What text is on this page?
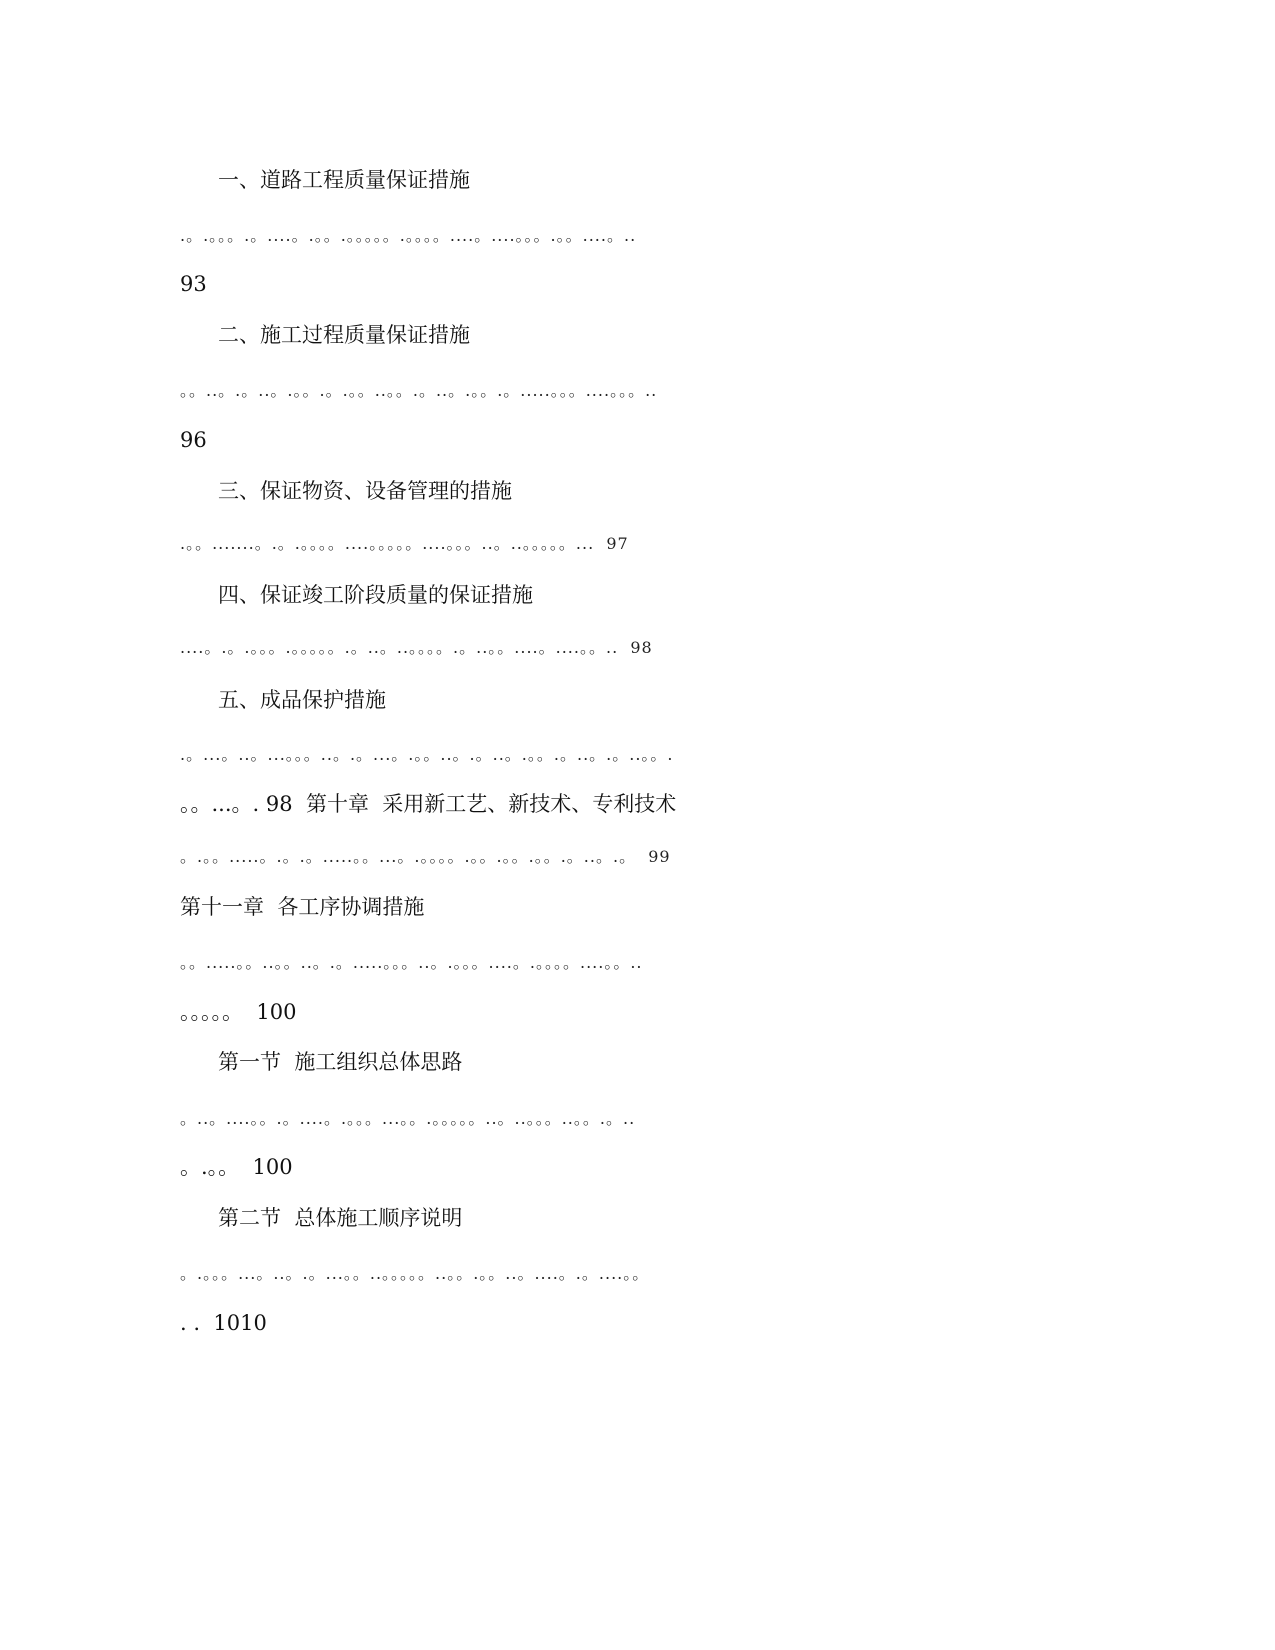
一、道路工程质量保证措施
.。.。。。.。....。.。。.。。。。。.。。。。....。....。。。.。。....。..
93
二、施工过程质量保证措施
。。..。.。..。.。。.。.。。..。。.。..。.。。.。.....。。。....。。。..
96
三、保证物资、设备管理的措施
.。。.......。.。.。。。。....。。。。。....。。。..。..。。。。。...  97
四、保证竣工阶段质量的保证措施
....。.。.。。。.。。。。。.。..。..。。。。.。..。。....。....。。..  98
五、成品保护措施
.。...。..。...。。。..。.。...。.。。..。.。..。.。。.。..。.。..。。.
。。...。. 98  第十章  采用新工艺、新技术、专利技术
。.。。.....。.。.。.....。。...。.。。。。.。。.。。.。。.。..。.。  99
第十一章  各工序协调措施
。。.....。。..。。..。.。.....。。。..。.。。。....。.。。。。....。。..
。。。。。  100
第一节  施工组织总体思路
。..。....。。.。....。.。。。...。。.。。。。。..。..。。。..。。.。..
。.。。  100
第二节  总体施工顺序说明
。.。。。...。..。.。...。。..。。。。。..。。.。。..。....。.。....。。
. .  1010
